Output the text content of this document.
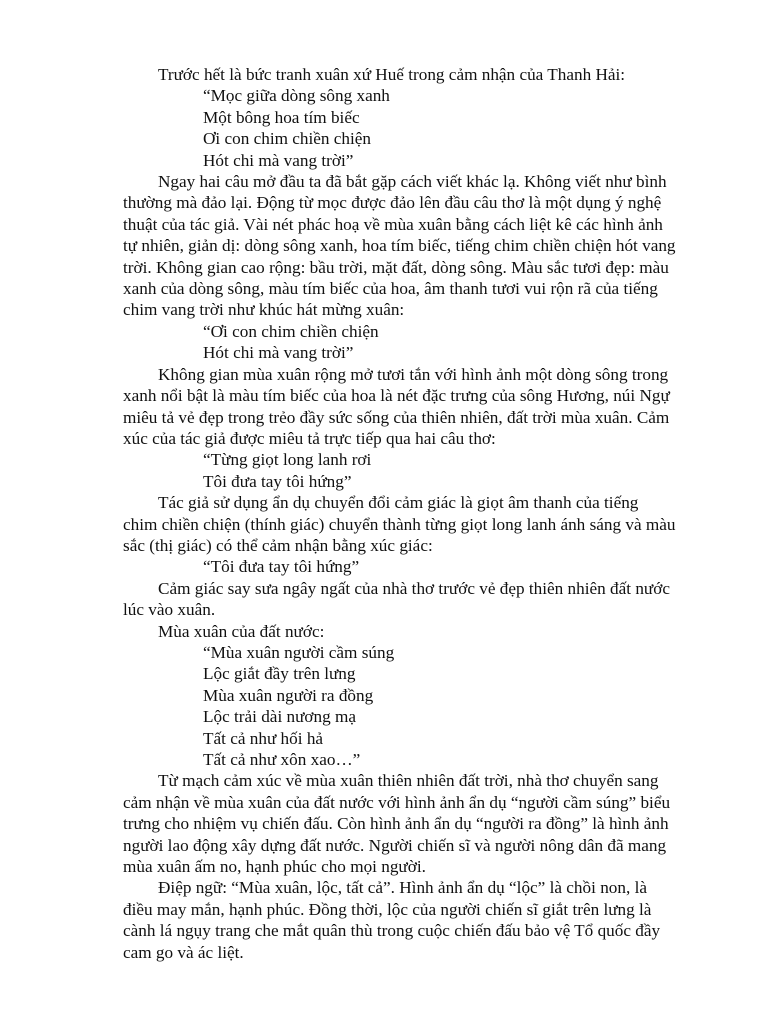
Trước hết là bức tranh xuân xứ Huế trong cảm nhận của Thanh Hải:
“Mọc giữa dòng sông xanh
Một bông hoa tím biếc
Ơi con chim chiền chiện
Hót chi mà vang trời”
Ngay hai câu mở đầu ta đã bắt gặp cách viết khác lạ. Không viết như bình
thường mà đảo lại. Động từ mọc được đảo lên đầu câu thơ là một dụng ý nghệ
thuật của tác giả. Vài nét phác hoạ về mùa xuân bằng cách liệt kê các hình ảnh
tự nhiên, giản dị: dòng sông xanh, hoa tím biếc, tiếng chim chiền chiện hót vang
trời. Không gian cao rộng: bầu trời, mặt đất, dòng sông. Màu sắc tươi đẹp: màu
xanh của dòng sông, màu tím biếc của hoa, âm thanh tươi vui rộn rã của tiếng
chim vang trời như khúc hát mừng xuân:
“Ơi con chim chiền chiện
Hót chi mà vang trời”
Không gian mùa xuân rộng mở tươi tắn với hình ảnh một dòng sông trong
xanh nổi bật là màu tím biếc của hoa là nét đặc trưng của sông Hương, núi Ngự
miêu tả vẻ đẹp trong trẻo đầy sức sống của thiên nhiên, đất trời mùa xuân. Cảm
xúc của tác giả được miêu tả trực tiếp qua hai câu thơ:
“Từng giọt long lanh rơi
Tôi đưa tay tôi hứng”
Tác giả sử dụng ẩn dụ chuyển đổi cảm giác là giọt âm thanh của tiếng
chim chiền chiện (thính giác) chuyển thành từng giọt long lanh ánh sáng và màu
sắc (thị giác) có thể cảm nhận bằng xúc giác:
“Tôi đưa tay tôi hứng”
Cảm giác say sưa ngây ngất của nhà thơ trước vẻ đẹp thiên nhiên đất nước
lúc vào xuân.
Mùa xuân của đất nước:
“Mùa xuân người cầm súng
Lộc giắt đầy trên lưng
Mùa xuân người ra đồng
Lộc trải dài nương mạ
Tất cả như hối hả
Tất cả như xôn xao…”
Từ mạch cảm xúc về mùa xuân thiên nhiên đất trời, nhà thơ chuyển sang
cảm nhận về mùa xuân của đất nước với hình ảnh ẩn dụ “người cầm súng” biểu
trưng cho nhiệm vụ chiến đấu. Còn hình ảnh ẩn dụ “người ra đồng” là hình ảnh
người lao động xây dựng đất nước. Người chiến sĩ và người nông dân đã mang
mùa xuân ấm no, hạnh phúc cho mọi người.
Điệp ngữ: “Mùa xuân, lộc, tất cả”. Hình ảnh ẩn dụ “lộc” là chồi non, là
điều may mắn, hạnh phúc. Đồng thời, lộc của người chiến sĩ giắt trên lưng là
cành lá ngụy trang che mắt quân thù trong cuộc chiến đấu bảo vệ Tổ quốc đầy
cam go và ác liệt.
